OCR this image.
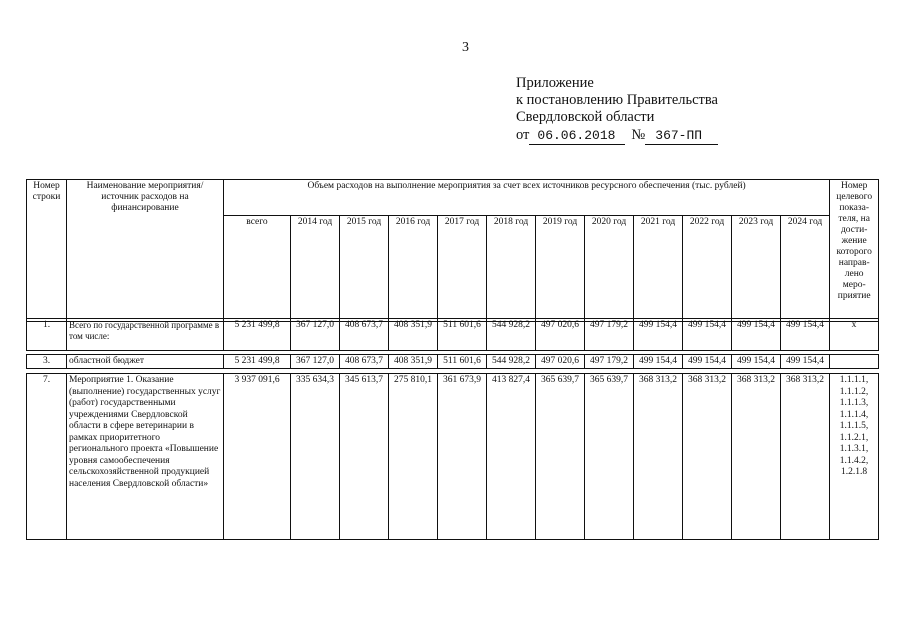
3
Приложение
к постановлению Правительства
Свердловской области
от 06.06.2018 № 367-ПП
Номер строки	Наименование мероприятия/ источник расходов на финансирование	Объем расходов на выполнение мероприятия за счет всех источников ресурсного обеспечения (тыс. рублей)												Номер целевого показа-теля, на дости-жение которого направ-лено меро-приятие
		всего	2014 год	2015 год	2016 год	2017 год	2018 год	2019 год	2020 год	2021 год	2022 год	2023 год	2024 год	
1.	Всего по государственной программе в том числе:	5 231 499,8	367 127,0	408 673,7	408 351,9	511 601,6	544 928,2	497 020,6	497 179,2	499 154,4	499 154,4	499 154,4	499 154,4	х
3.	областной бюджет	5 231 499,8	367 127,0	408 673,7	408 351,9	511 601,6	544 928,2	497 020,6	497 179,2	499 154,4	499 154,4	499 154,4	499 154,4	
7.	Мероприятие 1. Оказание (выполнение) государственных услуг (работ) государственными учреждениями Свердловской области в сфере ветеринарии в рамках приоритетного регионального проекта «Повышение уровня самообеспечения сельскохозяйственной продукцией населения Свердловской области»	3 937 091,6	335 634,3	345 613,7	275 810,1	361 673,9	413 827,4	365 639,7	365 639,7	368 313,2	368 313,2	368 313,2	368 313,2	1.1.1.1,
1.1.1.2,
1.1.1.3,
1.1.1.4,
1.1.1.5,
1.1.2.1,
1.1.3.1,
1.1.4.2,
1.2.1.8
